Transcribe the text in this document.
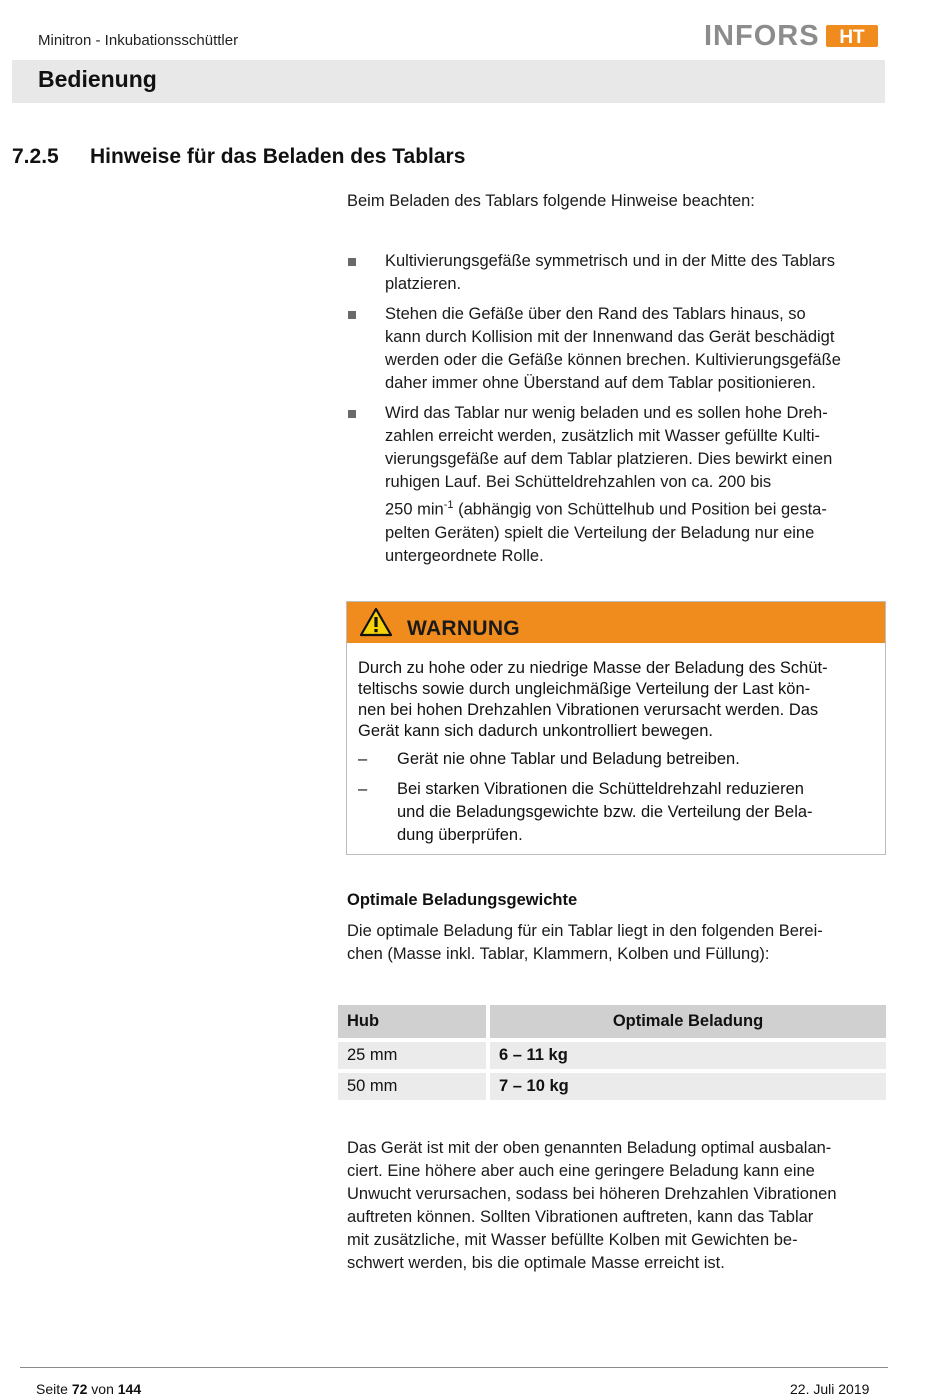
Minitron - Inkubationsschüttler	INFORS HT
Bedienung
7.2.5 Hinweise für das Beladen des Tablars
Beim Beladen des Tablars folgende Hinweise beachten:
Kultivierungsgefäße symmetrisch und in der Mitte des Tablars
platzieren.
Stehen die Gefäße über den Rand des Tablars hinaus, so
kann durch Kollision mit der Innenwand das Gerät beschädigt
werden oder die Gefäße können brechen. Kultivierungsgefäße
daher immer ohne Überstand auf dem Tablar positionieren.
Wird das Tablar nur wenig beladen und es sollen hohe Dreh-
zahlen erreicht werden, zusätzlich mit Wasser gefüllte Kulti-
vierungsgefäße auf dem Tablar platzieren. Dies bewirkt einen
ruhigen Lauf. Bei Schütteldrehzahlen von ca. 200 bis
250 $\min^{-1}$ (abhängig von Schüttelhub und Position bei gesta-
pelten Geräten) spielt die Verteilung der Beladung nur eine
untergeordnete Rolle.
WARNUNG
Durch zu hohe oder zu niedrige Masse der Beladung des Schüt-
teltischs sowie durch ungleichmäßige Verteilung der Last kön-
nen bei hohen Drehzahlen Vibrationen verursacht werden. Das
Gerät kann sich dadurch unkontrolliert bewegen.
– Gerät nie ohne Tablar und Beladung betreiben.
– Bei starken Vibrationen die Schütteldrehzahl reduzieren
und die Beladungsgewichte bzw. die Verteilung der Bela-
dung überprüfen.
Optimale Beladungsgewichte
Die optimale Beladung für ein Tablar liegt in den folgenden Berei-
chen (Masse inkl. Tablar, Klammern, Kolben und Füllung):
Hub	Optimale Beladung
25 mm	6 – 11 kg
50 mm	7 – 10 kg
Das Gerät ist mit der oben genannten Beladung optimal ausbalan-
ciert. Eine höhere aber auch eine geringere Beladung kann eine
Unwucht verursachen, sodass bei höheren Drehzahlen Vibrationen
auftreten können. Sollten Vibrationen auftreten, kann das Tablar
mit zusätzliche, mit Wasser befüllte Kolben mit Gewichten be-
schwert werden, bis die optimale Masse erreicht ist.
Seite 72 von 144	22. Juli 2019
